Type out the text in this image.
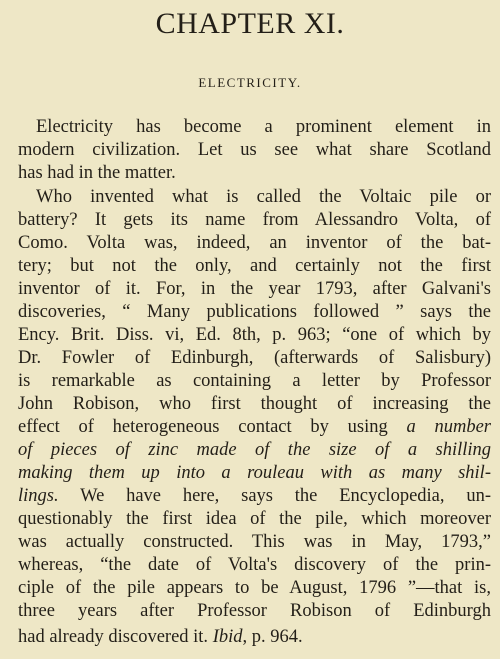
CHAPTER XI.
ELECTRICITY.
Electricity has become a prominent element in
modern civilization. Let us see what share Scotland
has had in the matter.
Who invented what is called the Voltaic pile or
battery? It gets its name from Alessandro Volta, of
Como. Volta was, indeed, an inventor of the bat-
tery; but not the only, and certainly not the first
inventor of it. For, in the year 1793, after Galvani's
discoveries, “ Many publications followed ” says the
Ency. Brit. Diss. vi, Ed. 8th, p. 963; “one of which by
Dr. Fowler of Edinburgh, (afterwards of Salisbury)
is remarkable as containing a letter by Professor
John Robison, who first thought of increasing the
effect of heterogeneous contact by using a number
of pieces of zinc made of the size of a shilling
making them up into a rouleau with as many shil-
lings. We have here, says the Encyclopedia, un-
questionably the first idea of the pile, which moreover
was actually constructed. This was in May, 1793,”
whereas, “the date of Volta's discovery of the prin-
ciple of the pile appears to be August, 1796 ”—that is,
three years after Professor Robison of Edinburgh
had already discovered it. Ibid, p. 964.
